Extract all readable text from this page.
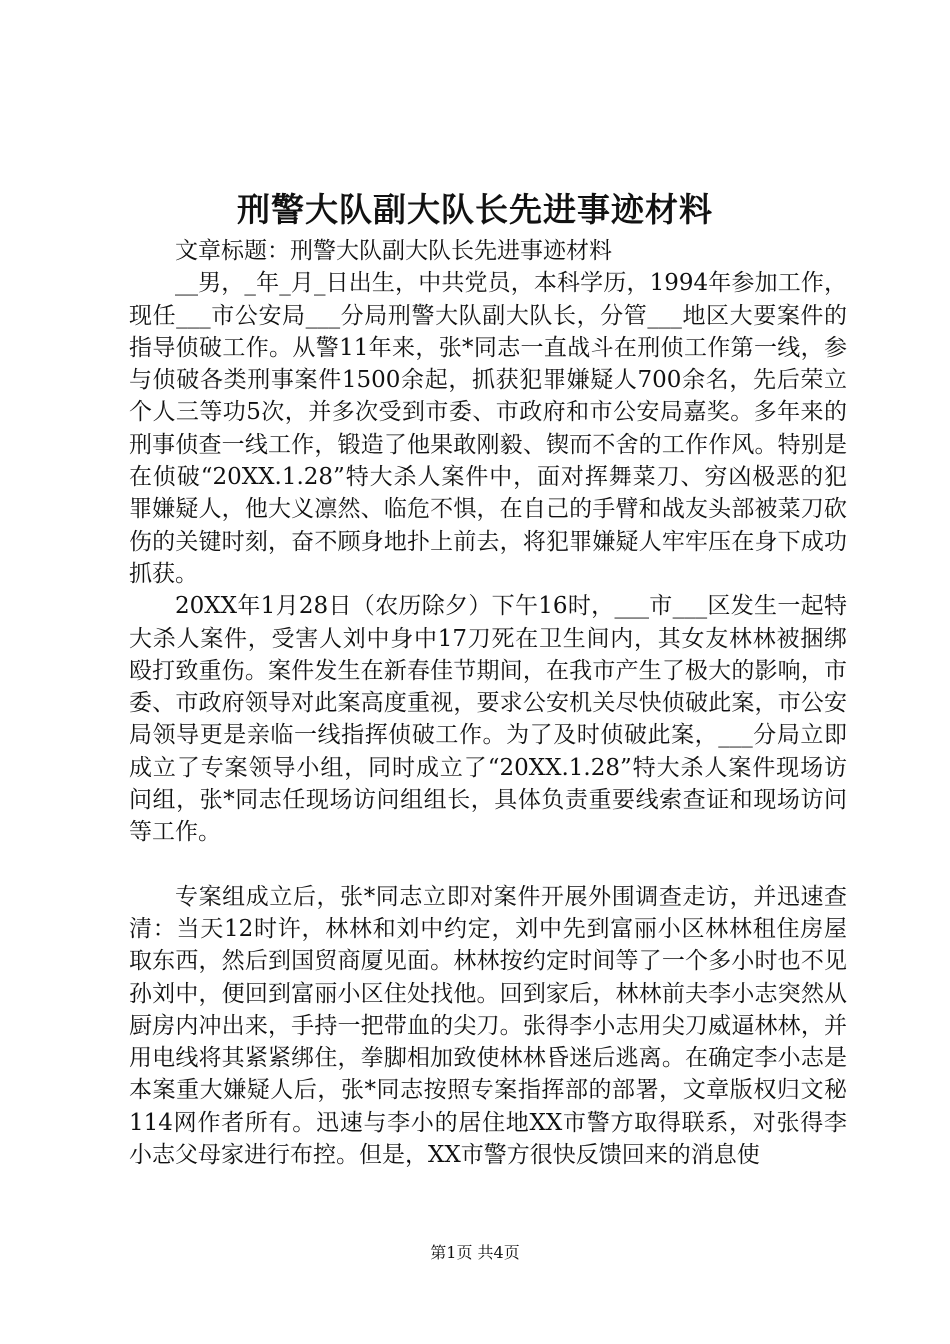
刑警大队副大队长先进事迹材料

文章标题：刑警大队副大队长先进事迹材料

__男，_年_月_日出生，中共党员，本科学历，1994年参加工作，现任___市公安局___分局刑警大队副大队长，分管___地区大要案件的指导侦破工作。从警11年来，张*同志一直战斗在刑侦工作第一线，参与侦破各类刑事案件1500余起，抓获犯罪嫌疑人700余名，先后荣立个人三等功5次，并多次受到市委、市政府和市公安局嘉奖。多年来的刑事侦查一线工作，锻造了他果敢刚毅、锲而不舍的工作作风。特别是在侦破“20XX.1.28”特大杀人案件中，面对挥舞菜刀、穷凶极恶的犯罪嫌疑人，他大义凛然、临危不惧，在自己的手臂和战友头部被菜刀砍伤的关键时刻，奋不顾身地扑上前去，将犯罪嫌疑人牢牢压在身下成功抓获。

20XX年1月28日（农历除夕）下午16时，___市___区发生一起特大杀人案件，受害人刘中身中17刀死在卫生间内，其女友林林被捆绑殴打致重伤。案件发生在新春佳节期间，在我市产生了极大的影响，市委、市政府领导对此案高度重视，要求公安机关尽快侦破此案，市公安局领导更是亲临一线指挥侦破工作。为了及时侦破此案，___分局立即成立了专案领导小组，同时成立了“20XX.1.28”特大杀人案件现场访问组，张*同志任现场访问组组长，具体负责重要线索查证和现场访问等工作。

专案组成立后，张*同志立即对案件开展外围调查走访，并迅速查清：当天12时许，林林和刘中约定，刘中先到富丽小区林林租住房屋取东西，然后到国贸商厦见面。林林按约定时间等了一个多小时也不见孙刘中，便回到富丽小区住处找他。回到家后，林林前夫李小志突然从厨房内冲出来，手持一把带血的尖刀。张得李小志用尖刀威逼林林，并用电线将其紧紧绑住，拳脚相加致使林林昏迷后逃离。在确定李小志是本案重大嫌疑人后，张*同志按照专案指挥部的部署，文章版权归文秘114网作者所有。迅速与李小的居住地XX市警方取得联系，对张得李小志父母家进行布控。但是，XX市警方很快反馈回来的消息使

第1页 共4页
